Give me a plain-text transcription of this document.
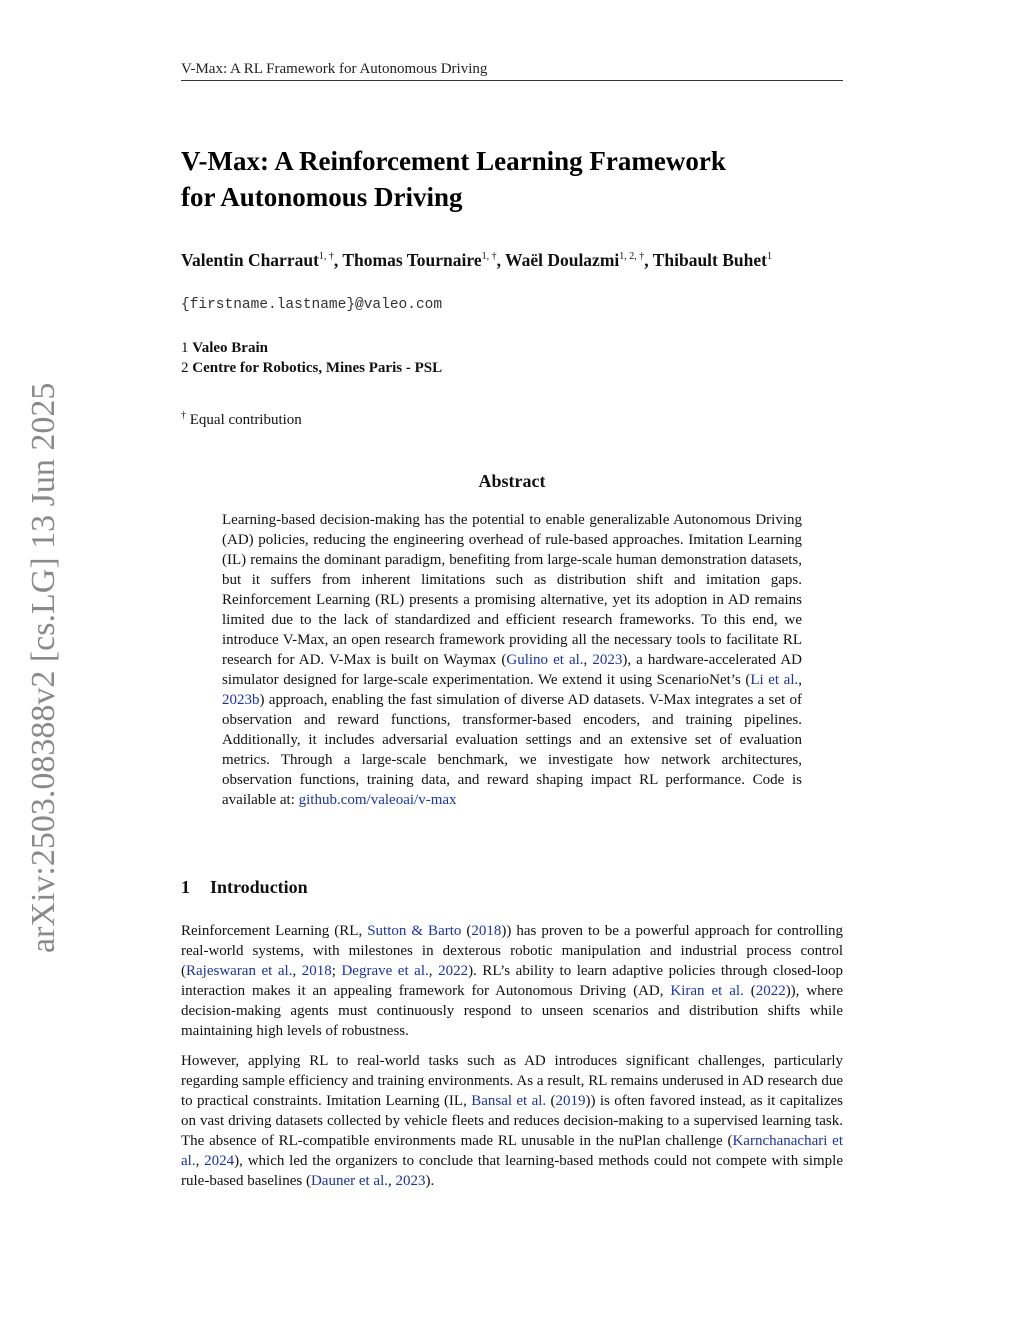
V-Max: A RL Framework for Autonomous Driving
arXiv:2503.08388v2 [cs.LG] 13 Jun 2025
V-Max: A Reinforcement Learning Framework
for Autonomous Driving
Valentin Charraut$^{1, \dagger}$, Thomas Tournaire$^{1, \dagger}$, Waël Doulazmi$^{1, 2, \dagger}$, Thibault Buhet$^1$
{firstname.lastname}@valeo.com
1 Valeo Brain
2 Centre for Robotics, Mines Paris - PSL
† Equal contribution
Abstract

Learning-based decision-making has the potential to enable generalizable Autonomous Driving (AD) policies, reducing the engineering overhead of rule-based approaches. Imitation Learning (IL) remains the dominant paradigm, benefiting from large-scale human demonstration datasets, but it suffers from inherent limitations such as distribution shift and imitation gaps. Reinforcement Learning (RL) presents a promising alternative, yet its adoption in AD remains limited due to the lack of standardized and efficient research frameworks. To this end, we introduce V-Max, an open research framework providing all the necessary tools to facilitate RL research for AD. V-Max is built on Waymax (Gulino et al., 2023), a hardware-accelerated AD simulator designed for large-scale experimentation. We extend it using ScenarioNet’s (Li et al., 2023b) approach, enabling the fast simulation of diverse AD datasets. V-Max integrates a set of observation and reward functions, transformer-based encoders, and training pipelines. Additionally, it includes adversarial evaluation settings and an extensive set of evaluation metrics. Through a large-scale benchmark, we investigate how network architectures, observation functions, training data, and reward shaping impact RL performance. Code is available at: github.com/valeoai/v-max

1 Introduction

Reinforcement Learning (RL, Sutton & Barto (2018)) has proven to be a powerful approach for controlling real-world systems, with milestones in dexterous robotic manipulation and industrial process control (Rajeswaran et al., 2018; Degrave et al., 2022). RL’s ability to learn adaptive policies through closed-loop interaction makes it an appealing framework for Autonomous Driving (AD, Kiran et al. (2022)), where decision-making agents must continuously respond to unseen scenarios and distribution shifts while maintaining high levels of robustness.

However, applying RL to real-world tasks such as AD introduces significant challenges, particularly regarding sample efficiency and training environments. As a result, RL remains underused in AD research due to practical constraints. Imitation Learning (IL, Bansal et al. (2019)) is often favored instead, as it capitalizes on vast driving datasets collected by vehicle fleets and reduces decision-making to a supervised learning task. The absence of RL-compatible environments made RL unusable in the nuPlan challenge (Karnchanachari et al., 2024), which led the organizers to conclude that learning-based methods could not compete with simple rule-based baselines (Dauner et al., 2023).
